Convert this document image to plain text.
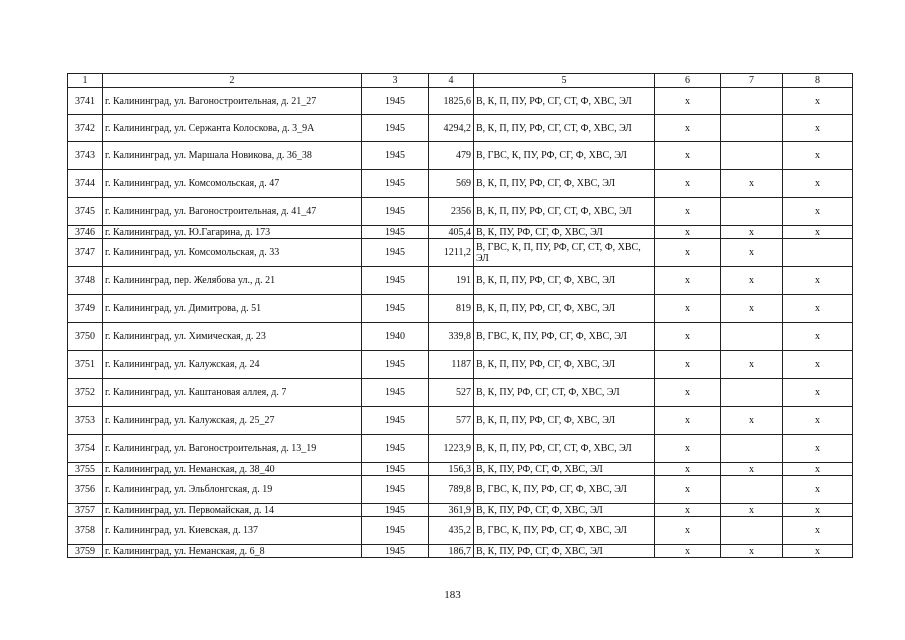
1	2	3	4	5	6	7	8
3741	г. Калининград, ул. Вагоностроительная, д. 21_27	1945	1825,6	В, К, П, ПУ, РФ, СГ, СТ, Ф, ХВС, ЭЛ	x		x
3742	г. Калининград, ул. Сержанта Колоскова, д. 3_9А	1945	4294,2	В, К, П, ПУ, РФ, СГ, СТ, Ф, ХВС, ЭЛ	x		x
3743	г. Калининград, ул. Маршала Новикова, д. 36_38	1945	479	В, ГВС, К, ПУ, РФ, СГ, Ф, ХВС, ЭЛ	x		x
3744	г. Калининград, ул. Комсомольская, д. 47	1945	569	В, К, П, ПУ, РФ, СГ, Ф, ХВС, ЭЛ	x	x	x
3745	г. Калининград, ул. Вагоностроительная, д. 41_47	1945	2356	В, К, П, ПУ, РФ, СГ, СТ, Ф, ХВС, ЭЛ	x		x
3746	г. Калининград, ул. Ю.Гагарина, д. 173	1945	405,4	В, К, ПУ, РФ, СГ, Ф, ХВС, ЭЛ	x	x	x
3747	г. Калининград, ул. Комсомольская, д. 33	1945	1211,2	В, ГВС, К, П, ПУ, РФ, СГ, СТ, Ф, ХВС, ЭЛ	x	x	
3748	г. Калининград, пер. Желябова ул., д. 21	1945	191	В, К, П, ПУ, РФ, СГ, Ф, ХВС, ЭЛ	x	x	x
3749	г. Калининград, ул. Димитрова, д. 51	1945	819	В, К, П, ПУ, РФ, СГ, Ф, ХВС, ЭЛ	x	x	x
3750	г. Калининград, ул. Химическая, д. 23	1940	339,8	В, ГВС, К, ПУ, РФ, СГ, Ф, ХВС, ЭЛ	x		x
3751	г. Калининград, ул. Калужская, д. 24	1945	1187	В, К, П, ПУ, РФ, СГ, Ф, ХВС, ЭЛ	x	x	x
3752	г. Калининград, ул. Каштановая аллея, д. 7	1945	527	В, К, ПУ, РФ, СГ, СТ, Ф, ХВС, ЭЛ	x		x
3753	г. Калининград, ул. Калужская, д. 25_27	1945	577	В, К, П, ПУ, РФ, СГ, Ф, ХВС, ЭЛ	x	x	x
3754	г. Калининград, ул. Вагоностроительная, д. 13_19	1945	1223,9	В, К, П, ПУ, РФ, СГ, СТ, Ф, ХВС, ЭЛ	x		x
3755	г. Калининград, ул. Неманская, д. 38_40	1945	156,3	В, К, ПУ, РФ, СГ, Ф, ХВС, ЭЛ	x	x	x
3756	г. Калининград, ул. Эльблонгская, д. 19	1945	789,8	В, ГВС, К, ПУ, РФ, СГ, Ф, ХВС, ЭЛ	x		x
3757	г. Калининград, ул. Первомайская, д. 14	1945	361,9	В, К, ПУ, РФ, СГ, Ф, ХВС, ЭЛ	x	x	x
3758	г. Калининград, ул. Киевская, д. 137	1945	435,2	В, ГВС, К, ПУ, РФ, СГ, Ф, ХВС, ЭЛ	x		x
3759	г. Калининград, ул. Неманская, д. 6_8	1945	186,7	В, К, ПУ, РФ, СГ, Ф, ХВС, ЭЛ	x	x	x
183
